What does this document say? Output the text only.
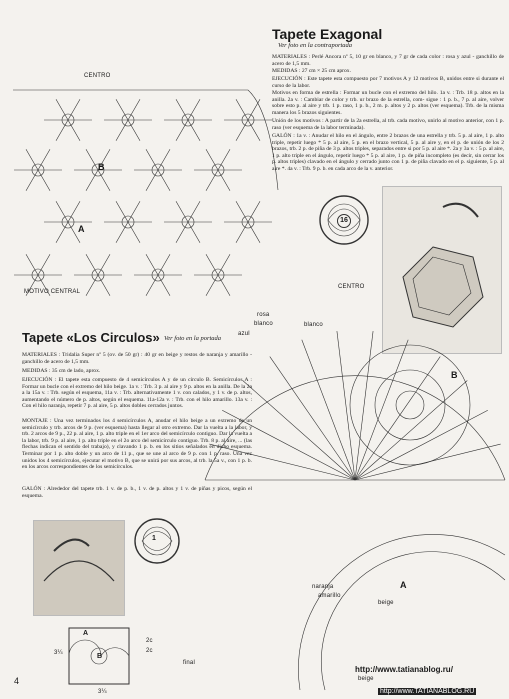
CENTRO
MOTIVO CENTRAL
CENTRO
B
A
rosa
blanco
azul
blanco
Tapete Exagonal
Ver foto en la contraportada
MATERIALES : Perlé Ancora nº 5, 10 gr en blanco, y 7 gr de cada color : rosa y azul - ganchillo de acero de 1,5 mm.
MEDIDAS : 27 cm × 25 cm aprox.
EJECUCIÓN : Este tapete esta compuesto por 7 motivos A y 12 motivos B, unidos entre si durante el curso de la labor.
Motivos en forma de estrella : Formar un bucle con el extremo del hilo. 1a v. : Trb. 18 p. altos en la anilla. 2a v. : Cambiar de color y trb. ur brazo de la estrella, com- sigue : 1 p. b., 7 p. al aire, volver sobre esto p. al aire y trb. 1 p. raso, 1 p. b., 2 m. p. altos y 2 p. altos (ver esquema). Trb. de la misma manera los 5 brazos siguientes.
Unión de los motivos : A partir de la 2a estrella, al trb. cada motivo, unirlo al motivo anterior, con 1 p. raso (ver esquema de la labor terminada).
GALÓN : 1a v. : Anudar el hilo en el ángulo, entre 2 brazos de una estrella y trb. 5 p. al aire, 1 p. alto triple, repetir luego * 5 p. al aire, 5 p. en el brazo vertical, 5 p. al aire y, en el p. de unión de los 2 brazos, trb. 2 p. de piña de 3 p. altos triples, separados entre si por 5 p. al aire *. 2a y 3a v. : 5 p. al aire, 1 p. alto triple en el ángulo, repetir luego * 5 p. al aire, 1 p. de piña incompleto (es decir, sin cerrar los p. altos triples) clavado en el ángulo y cerrado junto con 1 p. de piña clavado en el p. siguiente, 5 p. al aire *. 4a v. : Trb. 9 p. b. en cada arco de la v. anterior.
16
Tapete «Los Circulos» Ver foto en la portada
MATERIALES : Tridalia Super nº 5 (ov. de 50 gr) : 40 gr en beige y restos de naranja y amarillo - ganchillo de acero de 1,5 mm.
MEDIDAS : 35 cm de lado, aprox.
EJECUCIÓN : El tapete esta compuesto de 4 semicírculos A y de un círculo B. Semicírculos A : Formar un bucle con el extremo del hilo beige. 1a v. : Trb. 3 p. al aire y 9 p. altos en la anilla. De la 2a a la 15a v. : Trb. según el esquema, 11a v. : Trb. alternativamente 1 v. con calados, y 1 v. de p. altos, aumentando el número de p. altos, según el esquema. 11a-12a v. : Trb. con el hilo amarillo. 13a v. : Con el hilo naranja, repetir 7 p. al aire, 5 p. altos dobles cerrados juntos.
MONTAJE : Una vez terminados los 4 semicírculos A, anudar el hilo beige a un extremo de un semicírculo y trb. arcos de 9 p. (ver esquema) hasta llegar al otro extremo. Dar la vuelta a la labor, y trb. 2 arcos de 9 p., 22 p. al aire, 1 p. alto triple en el 1er arco del semicírculo contiguo. Dar la vuelta a la labor, trb. 9 p. al aire, 1 p. alto triple en el 2o arco del semicírculo contiguo. Trb. 8 p. al aire, ... (las flechas indican el sentido del trabajo), y clavando 1 p. b. en los sitios señalados en dicho esquema. Terminar por 1 p. alto doble y un arco de 11 p., que se une al arco de 9 p. con 1 p. raso. Una vez unidos los 4 semicírculos, ejecutar el motivo B, que se unirá por sus arcos, al trb. la 5a v., con 1 p. b. en los arcos correspondientes de los semicírculos.
GALÓN : Alrededor del tapete trb. 1 v. de p. b., 1 v. de p. altos y 1 v. de piñas y picos, según el esquema.
B
A
naranja
amarillo
beige
beige
final
1
A
B
2c
2c
3¼
3¼
4
http://www.tatianablog.ru/
http://www.TATIANABLOG.RU
